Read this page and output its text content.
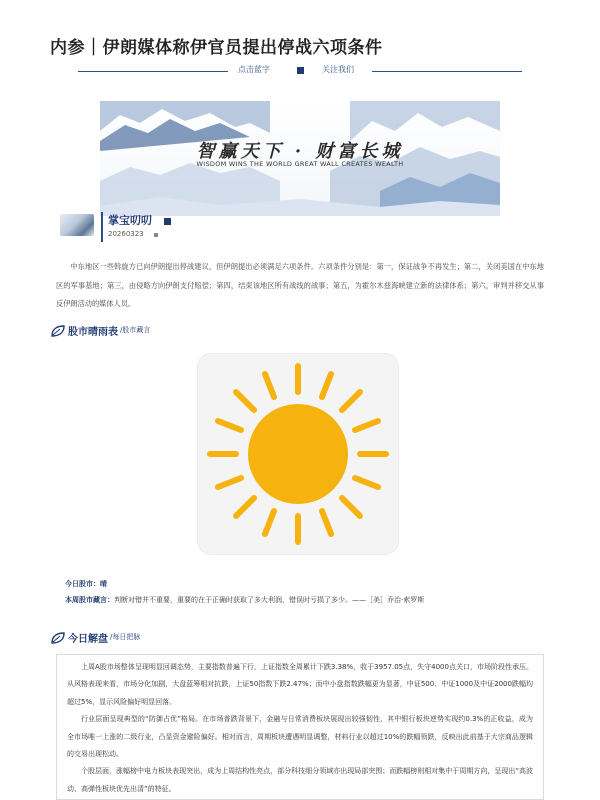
内参｜伊朗媒体称伊官员提出停战六项条件
点击蓝字	关注我们
智赢天下 · 财富长城
WISDOM WINS THE WORLD GREAT WALL CREATES WEALTH
掌宝叨叨
20260323
中东地区一些斡旋方已向伊朗提出停战建议，但伊朗提出必须满足六项条件。六项条件分别是：第一，保证战争不再发生；第二，关闭美国在中东地区的军事基地；第三，由侵略方向伊朗支付赔偿；第四，结束该地区所有战线的战事；第五，为霍尔木兹海峡建立新的法律体系；第六，审判并移交从事反伊朗活动的媒体人员。
股市晴雨表 /股市藏言
今日股市：晴
本周股市藏言：判断对错并不重要，重要的在于正确时获取了多大利润，错误时亏损了多少。——［美］乔治·索罗斯
今日解盘 /每日把脉

上周A股市场整体呈现明显回调态势，主要指数普遍下行，上证指数全周累计下跌3.38%，收于3957.05点，失守4000点关口，市场阶段性承压。从风格表现来看，市场分化加剧，大盘蓝筹相对抗跌，上证50指数下跌2.47%；而中小盘指数跌幅更为显著，中证500、中证1000及中证2000跌幅均超过5%，显示风险偏好明显回落。

行业层面呈现典型的“防御占优”格局。在市场普跌背景下，金融与日常消费板块展现出较强韧性，其中银行板块逆势实现约0.3%的正收益，成为全市场唯一上涨的二级行业，凸显资金避险偏好。相对而言，周期板块遭遇明显调整，材料行业以超过10%的跌幅领跌，反映出此前基于大宗商品逻辑的交易出现松动。

个股层面，涨幅榜中电力板块表现突出，成为上周结构性亮点，部分科技细分领域亦出现局部突围；而跌幅榜则相对集中于周期方向，呈现出“高波动、高弹性板块优先出清”的特征。
